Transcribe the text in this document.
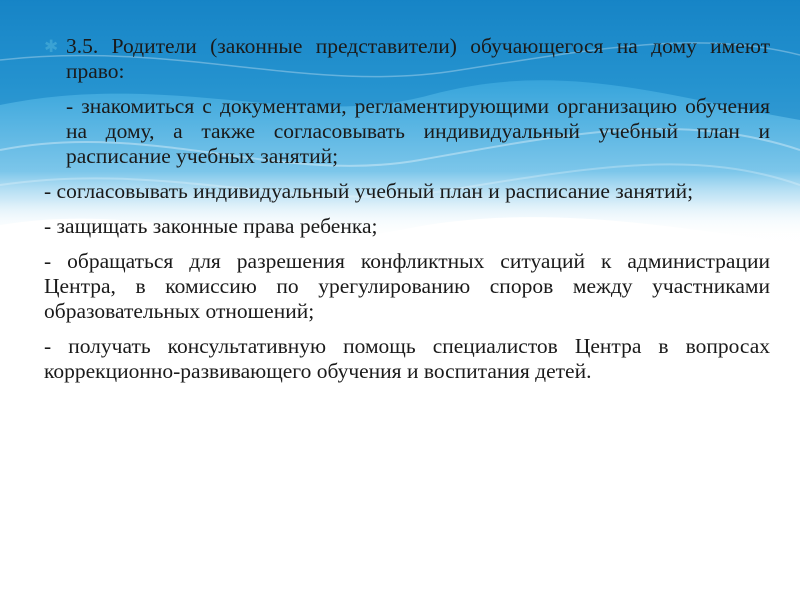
✱ 3.5. Родители (законные представители) обучающегося на дому имеют право:

- знакомиться с документами, регламентирующими организацию обучения на дому, а также согласовывать индивидуальный учебный план и расписание учебных занятий;

- согласовывать индивидуальный учебный план и расписание занятий;

- защищать законные права ребенка;

- обращаться для разрешения конфликтных ситуаций к администрации Центра, в комиссию по урегулированию споров между участниками образовательных отношений;

- получать консультативную помощь специалистов Центра в вопросах коррекционно-развивающего обучения и воспитания детей.
